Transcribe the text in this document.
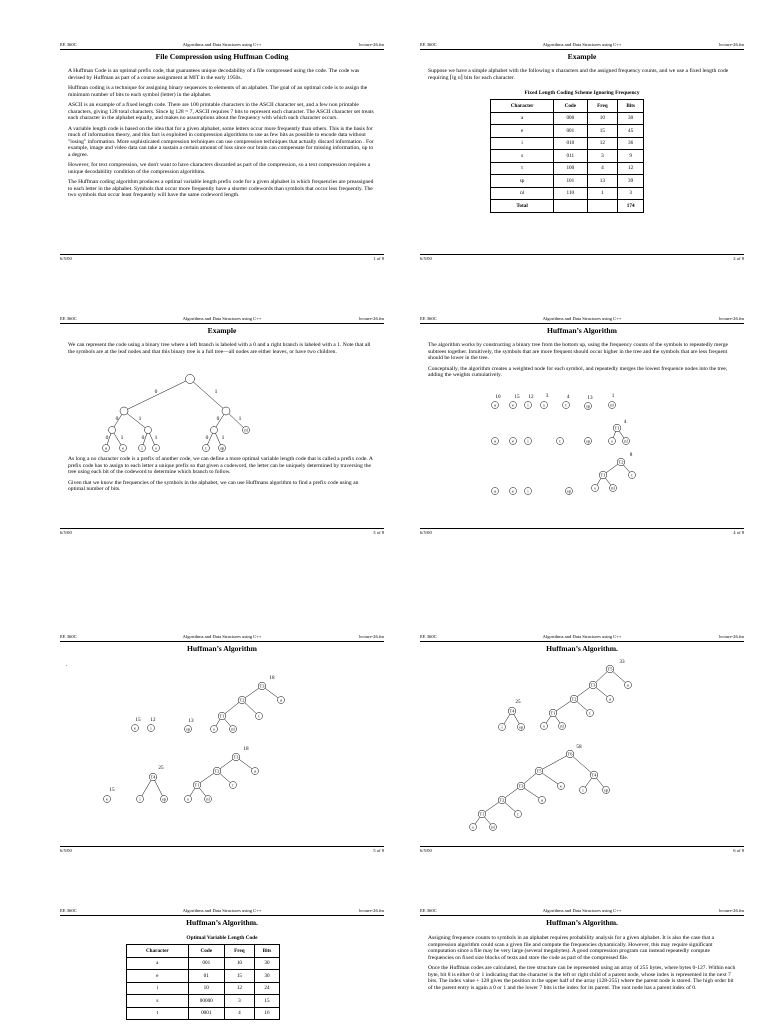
EE 360C	Algorithms and Data Structures using C++	lecture-26.fm
File Compression using Huffman Coding

A Huffman Code is an optimal prefix code, that guarantees unique decodability of a file compressed using the code. The code was devised by Huffman as part of a course assignment at MIT in the early 1950s.

Huffman coding is a technique for assigning binary sequences to elements of an alphabet. The goal of an optimal code is to assign the minimum number of bits to each symbol (letter) in the alphabet.

ASCII is an example of a fixed length code. There are 100 printable characters in the ASCII character set, and a few non printable characters, giving 128 total characters. Since lg 128 = 7, ASCII requires 7 bits to represent each character. The ASCII character set treats each character in the alphabet equally, and makes no assumptions about the frequency with which each character occurs.

A variable length code is based on the idea that for a given alphabet, some letters occur more frequently than others. This is the basis for much of information theory, and this fact is exploited in compression algorithms to use as few bits as possible to encode data without "losing" information. More sophisticated compression techniques can use compression techniques that actually discard information . For example, image and video data can take a sustain a certain amount of loss since our brain can compensate for missing information, up to a degree.

However, for text compression, we don't want to have characters discarded as part of the compression, so a text compression requires a unique decodability condition of the compression algorithms.

The Huffman coding algorithm produces a optimal variable length prefix code for a given alphabet in which frequencies are preassigned to each letter in the alphabet. Symbols that occur more frequently have a shorter codewords than symbols that occur less frequently. The two symbols that occur least frequently will have the same codeword length.

6/5/00	1 of 8
EE 360C	Algorithms and Data Structures using C++	lecture-26.fm
Example
Suppose we have a simple alphabet with the following n characters and the assigned frequency counts, and we use a fixed length code requiring ⌈lg n⌉ bits for each character.
Fixed Length Coding Scheme Ignoring Frequency
Character	Code	Freq	Bits
a	000	10	30
e	001	15	45
i	010	12	36
s	011	3	9
t	100	4	12
sp	101	13	39
nl	110	1	3
Total			174
6/5/00	2 of 8
EE 360C	Algorithms and Data Structures using C++	lecture-26.fm
Example
We can represent the code using a binary tree where a left branch is labeled with a 0 and a right branch is labeled with a 1. Note that all the symbols are at the leaf nodes and that this binary tree is a full tree—all nodes are either leaves, or have two children.
0	1
0	1
0 1	0 1
0	1
0 1
a	e	i	s	t	sp
nl

As long a no character code is a prefix of another code, we can define a more optimal variable length code that is called a prefix code. A prefix code has to assign to each letter a unique prefix so that given a codeword, the letter can be uniquely determined by traversing the tree using each bit of the codeword to determine which branch to follow.

Given that we know the frequencies of the symbols in the alphabet, we can use Huffmans algorithm to find a prefix code using an optimal number of bits.

6/5/00	3 of 8
EE 360C	Algorithms and Data Structures using C++	lecture-26.fm
Huffman’s Algorithm

The algorithm works by constructing a binary tree from the bottom up, using the frequency counts of the symbols to repeatedly merge subtrees together. Intuitively, the symbols that are more frequent should occur higher in the tree and the symbols that are less frequent should be lower in the tree.

Conceptually, the algorithm creates a weighted node for each symbol, and repeatedly merges the lowest frequence nodes into the tree, adding the weights cumulatively.

10	15 12 3	4	13	1
a	e	i	s	t	sp	nl
a	e	i	t	sp
T1
s	nl
4
a	e	i	sp
T2
T1	t
s	nl
8
6/5/00	4 of 8
EE 360C	Algorithms and Data Structures using C++	lecture-26.fm
Huffman’s Algorithm
.
T3
T2
T1
a
t
s	nl
e	i	sp
18
15 12	13
T3
T2
T1
T4
a
t
s	nl
i	sp
e
18
25
15
6/5/00	5 of 8
EE 360C	Algorithms and Data Structures using C++	lecture-26.fm
Huffman’s Algorithm.
T5
T3
T2
T1
T4
e
a
t
s	nl
i	sp
33
25
T6
T5
T3
T2
T1
T4
e
a
t
s	nl
i	sp
58
6/5/00	6 of 8
EE 360C	Algorithms and Data Structures using C++	lecture-26.fm
Huffman’s Algorithm.
Optimal Variable Length Code
Character	Code	Freq	Bits
a	001	10	30
e	01	15	30
i	10	12	24
s	00000	3	15
t	0001	4	16
EE 360C	Algorithms and Data Structures using C++	lecture-26.fm
Huffman’s Algorithm.

Assigning frequence counts to symbols in an alphabet requires probability analysis for a given alphabet. It is also the case that a compression algorithm could scan a given file and compute the frequencies dynamically. However, this may require significant computation since a file may be very large (several megabytes). A good compression program can instead repeatedly compute frequencies on fixed size blocks of texts and store the code as part of the compressed file.

Once the Huffman codes are calculated, the tree structure can be represented using an array of 255 bytes, where bytes 0-127. Within each byte, bit 8 is either 0 or 1 indicating that the character is the left or right child of a parent node, whose index is represented in the next 7 bits. The index value + 128 gives the position in the upper half of the array (128-255) where the parent node is stored. The high order bit of the parent entry is again a 0 or 1 and the lower 7 bits is the index for its parent. The root node has a parent index of 0.
